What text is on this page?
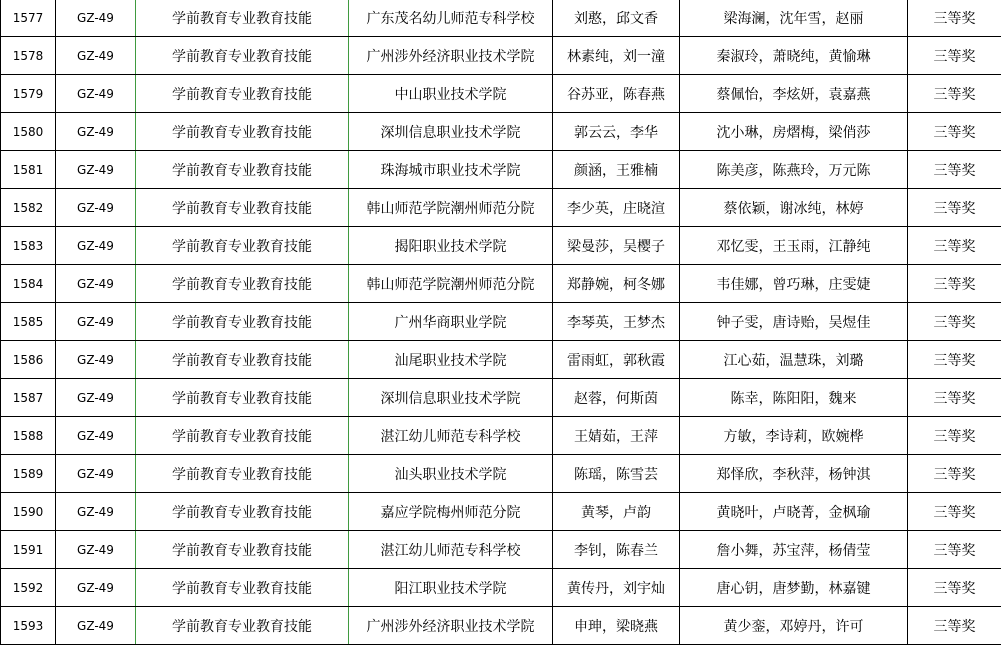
1577	GZ-49	学前教育专业教育技能	广东茂名幼儿师范专科学校	刘憨，邱文香	梁海澜，沈年雪，赵丽	三等奖
1578	GZ-49	学前教育专业教育技能	广州涉外经济职业技术学院	林素纯，刘一潼	秦淑玲，萧晓纯，黄愉琳	三等奖
1579	GZ-49	学前教育专业教育技能	中山职业技术学院	谷苏亚，陈春燕	蔡佩怡，李炫妍，袁嘉燕	三等奖
1580	GZ-49	学前教育专业教育技能	深圳信息职业技术学院	郭云云，李华	沈小琳，房熠梅，梁俏莎	三等奖
1581	GZ-49	学前教育专业教育技能	珠海城市职业技术学院	颜涵，王雅楠	陈美彦，陈燕玲，万元陈	三等奖
1582	GZ-49	学前教育专业教育技能	韩山师范学院潮州师范分院	李少英，庄晓渲	蔡依颖，谢冰纯，林婷	三等奖
1583	GZ-49	学前教育专业教育技能	揭阳职业技术学院	梁曼莎，吴樱子	邓忆雯，王玉雨，江静纯	三等奖
1584	GZ-49	学前教育专业教育技能	韩山师范学院潮州师范分院	郑静婉，柯冬娜	韦佳娜，曾巧琳，庄雯婕	三等奖
1585	GZ-49	学前教育专业教育技能	广州华商职业学院	李琴英，王梦杰	钟子雯，唐诗贻，吴煜佳	三等奖
1586	GZ-49	学前教育专业教育技能	汕尾职业技术学院	雷雨虹，郭秋霞	江心茹，温慧珠，刘璐	三等奖
1587	GZ-49	学前教育专业教育技能	深圳信息职业技术学院	赵蓉，何斯茵	陈幸，陈阳阳，魏来	三等奖
1588	GZ-49	学前教育专业教育技能	湛江幼儿师范专科学校	王婧茹，王萍	方敏，李诗莉，欧婉桦	三等奖
1589	GZ-49	学前教育专业教育技能	汕头职业技术学院	陈瑶，陈雪芸	郑怿欣，李秋萍，杨钟淇	三等奖
1590	GZ-49	学前教育专业教育技能	嘉应学院梅州师范分院	黄琴，卢韵	黄晓叶，卢晓菁，金枫瑜	三等奖
1591	GZ-49	学前教育专业教育技能	湛江幼儿师范专科学校	李钊，陈春兰	詹小舞，苏宝萍，杨倩莹	三等奖
1592	GZ-49	学前教育专业教育技能	阳江职业技术学院	黄传丹，刘宇灿	唐心钥，唐梦勤，林嘉键	三等奖
1593	GZ-49	学前教育专业教育技能	广州涉外经济职业技术学院	申珅，梁晓燕	黄少銮，邓婷丹，许可	三等奖
